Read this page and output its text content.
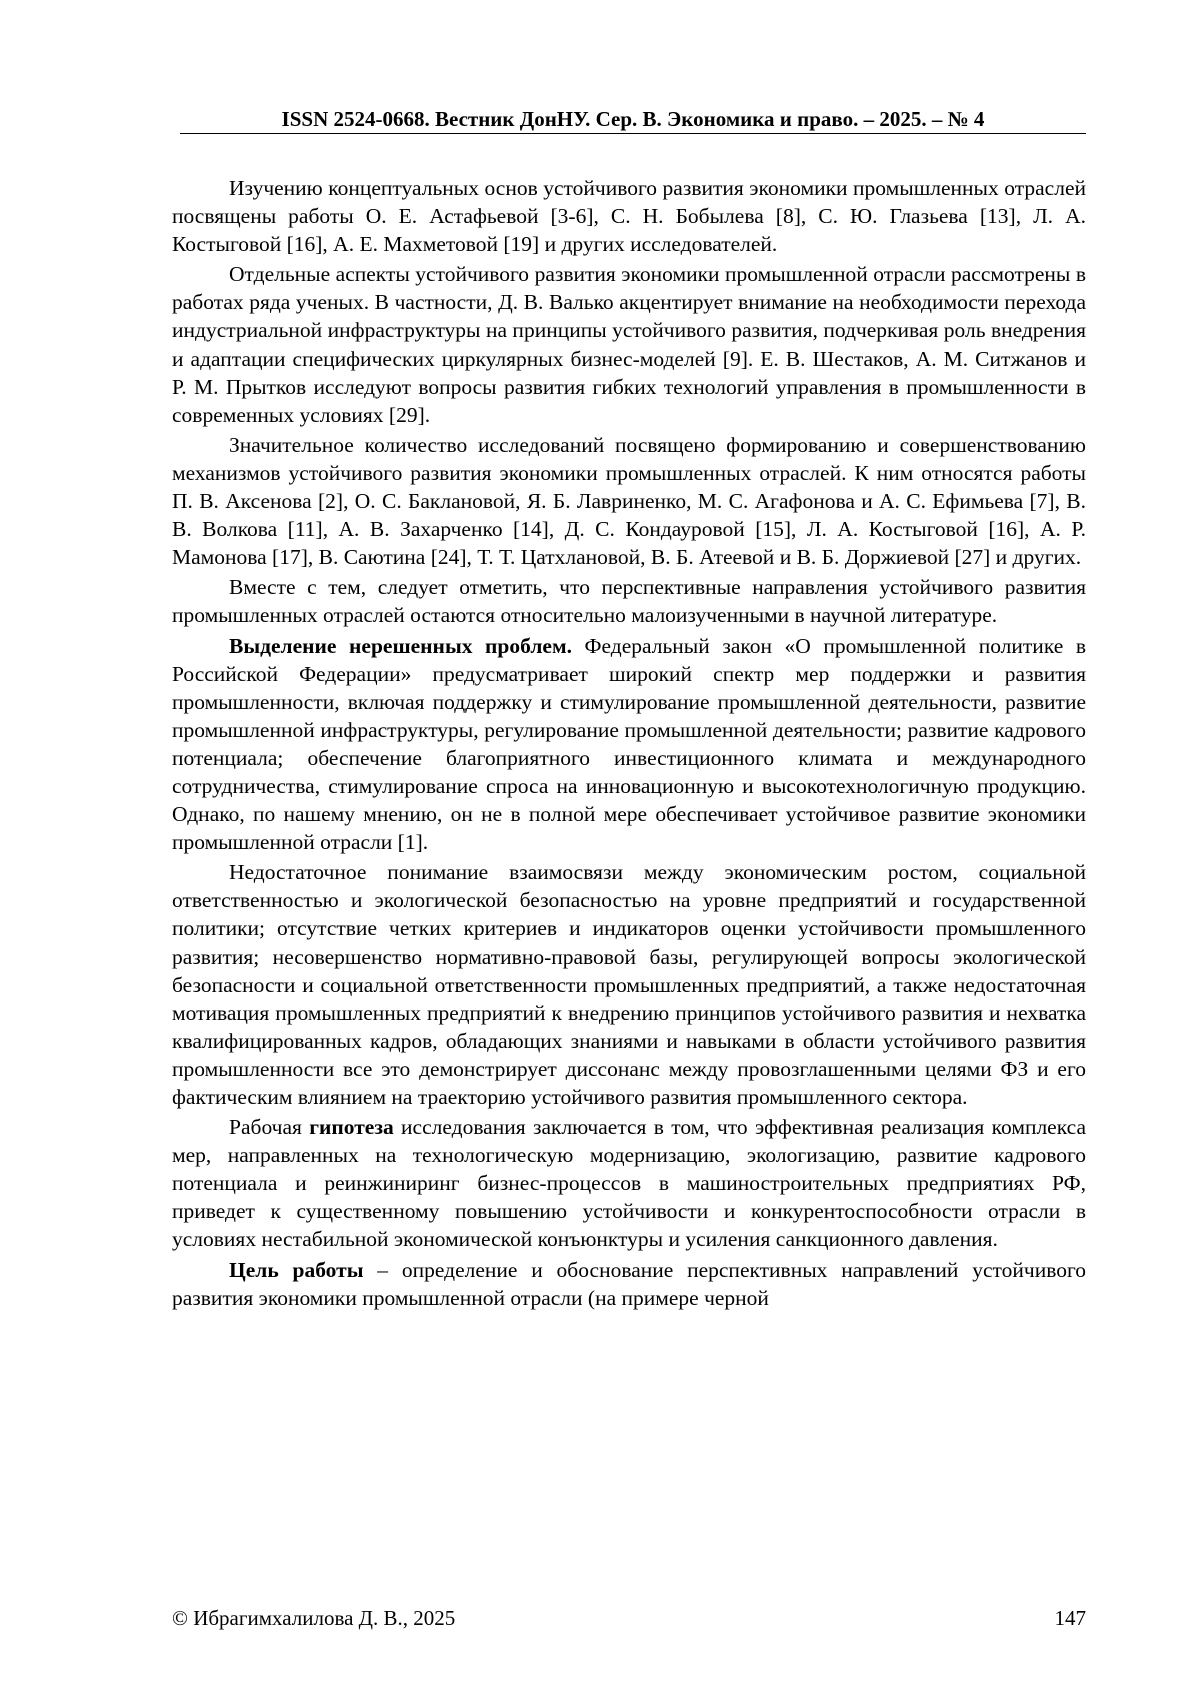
ISSN 2524-0668. Вестник ДонНУ. Сер. В. Экономика и право. – 2025. – № 4

Изучению концептуальных основ устойчивого развития экономики промышленных отраслей посвящены работы О. Е. Астафьевой [3-6], С. Н. Бобылева [8], С. Ю. Глазьева [13], Л. А. Костыговой [16], А. Е. Махметовой [19] и других исследователей.

Отдельные аспекты устойчивого развития экономики промышленной отрасли рассмотрены в работах ряда ученых. В частности, Д. В. Валько акцентирует внимание на необходимости перехода индустриальной инфраструктуры на принципы устойчивого развития, подчеркивая роль внедрения и адаптации специфических циркулярных бизнес-моделей [9]. Е. В. Шестаков, А. М. Ситжанов и Р. М. Прытков исследуют вопросы развития гибких технологий управления в промышленности в современных условиях [29].

Значительное количество исследований посвящено формированию и совершенствованию механизмов устойчивого развития экономики промышленных отраслей. К ним относятся работы П. В. Аксенова [2], О. С. Баклановой, Я. Б. Лавриненко, М. С. Агафонова и А. С. Ефимьева [7], В. В. Волкова [11], А. В. Захарченко [14], Д. С. Кондауровой [15], Л. А. Костыговой [16], А. Р. Мамонова [17], В. Саютина [24], Т. Т. Цатхлановой, В. Б. Атеевой и В. Б. Доржиевой [27] и других.

Вместе с тем, следует отметить, что перспективные направления устойчивого развития промышленных отраслей остаются относительно малоизученными в научной литературе.

Выделение нерешенных проблем. Федеральный закон «О промышленной политике в Российской Федерации» предусматривает широкий спектр мер поддержки и развития промышленности, включая поддержку и стимулирование промышленной деятельности, развитие промышленной инфраструктуры, регулирование промышленной деятельности; развитие кадрового потенциала; обеспечение благоприятного инвестиционного климата и международного сотрудничества, стимулирование спроса на инновационную и высокотехнологичную продукцию. Однако, по нашему мнению, он не в полной мере обеспечивает устойчивое развитие экономики промышленной отрасли [1].

Недостаточное понимание взаимосвязи между экономическим ростом, социальной ответственностью и экологической безопасностью на уровне предприятий и государственной политики; отсутствие четких критериев и индикаторов оценки устойчивости промышленного развития; несовершенство нормативно-правовой базы, регулирующей вопросы экологической безопасности и социальной ответственности промышленных предприятий, а также недостаточная мотивация промышленных предприятий к внедрению принципов устойчивого развития и нехватка квалифицированных кадров, обладающих знаниями и навыками в области устойчивого развития промышленности все это демонстрирует диссонанс между провозглашенными целями ФЗ и его фактическим влиянием на траекторию устойчивого развития промышленного сектора.

Рабочая гипотеза исследования заключается в том, что эффективная реализация комплекса мер, направленных на технологическую модернизацию, экологизацию, развитие кадрового потенциала и реинжиниринг бизнес-процессов в машиностроительных предприятиях РФ, приведет к существенному повышению устойчивости и конкурентоспособности отрасли в условиях нестабильной экономической конъюнктуры и усиления санкционного давления.

Цель работы – определение и обоснование перспективных направлений устойчивого развития экономики промышленной отрасли (на примере черной

© Ибрагимхалилова Д. В., 2025	147
